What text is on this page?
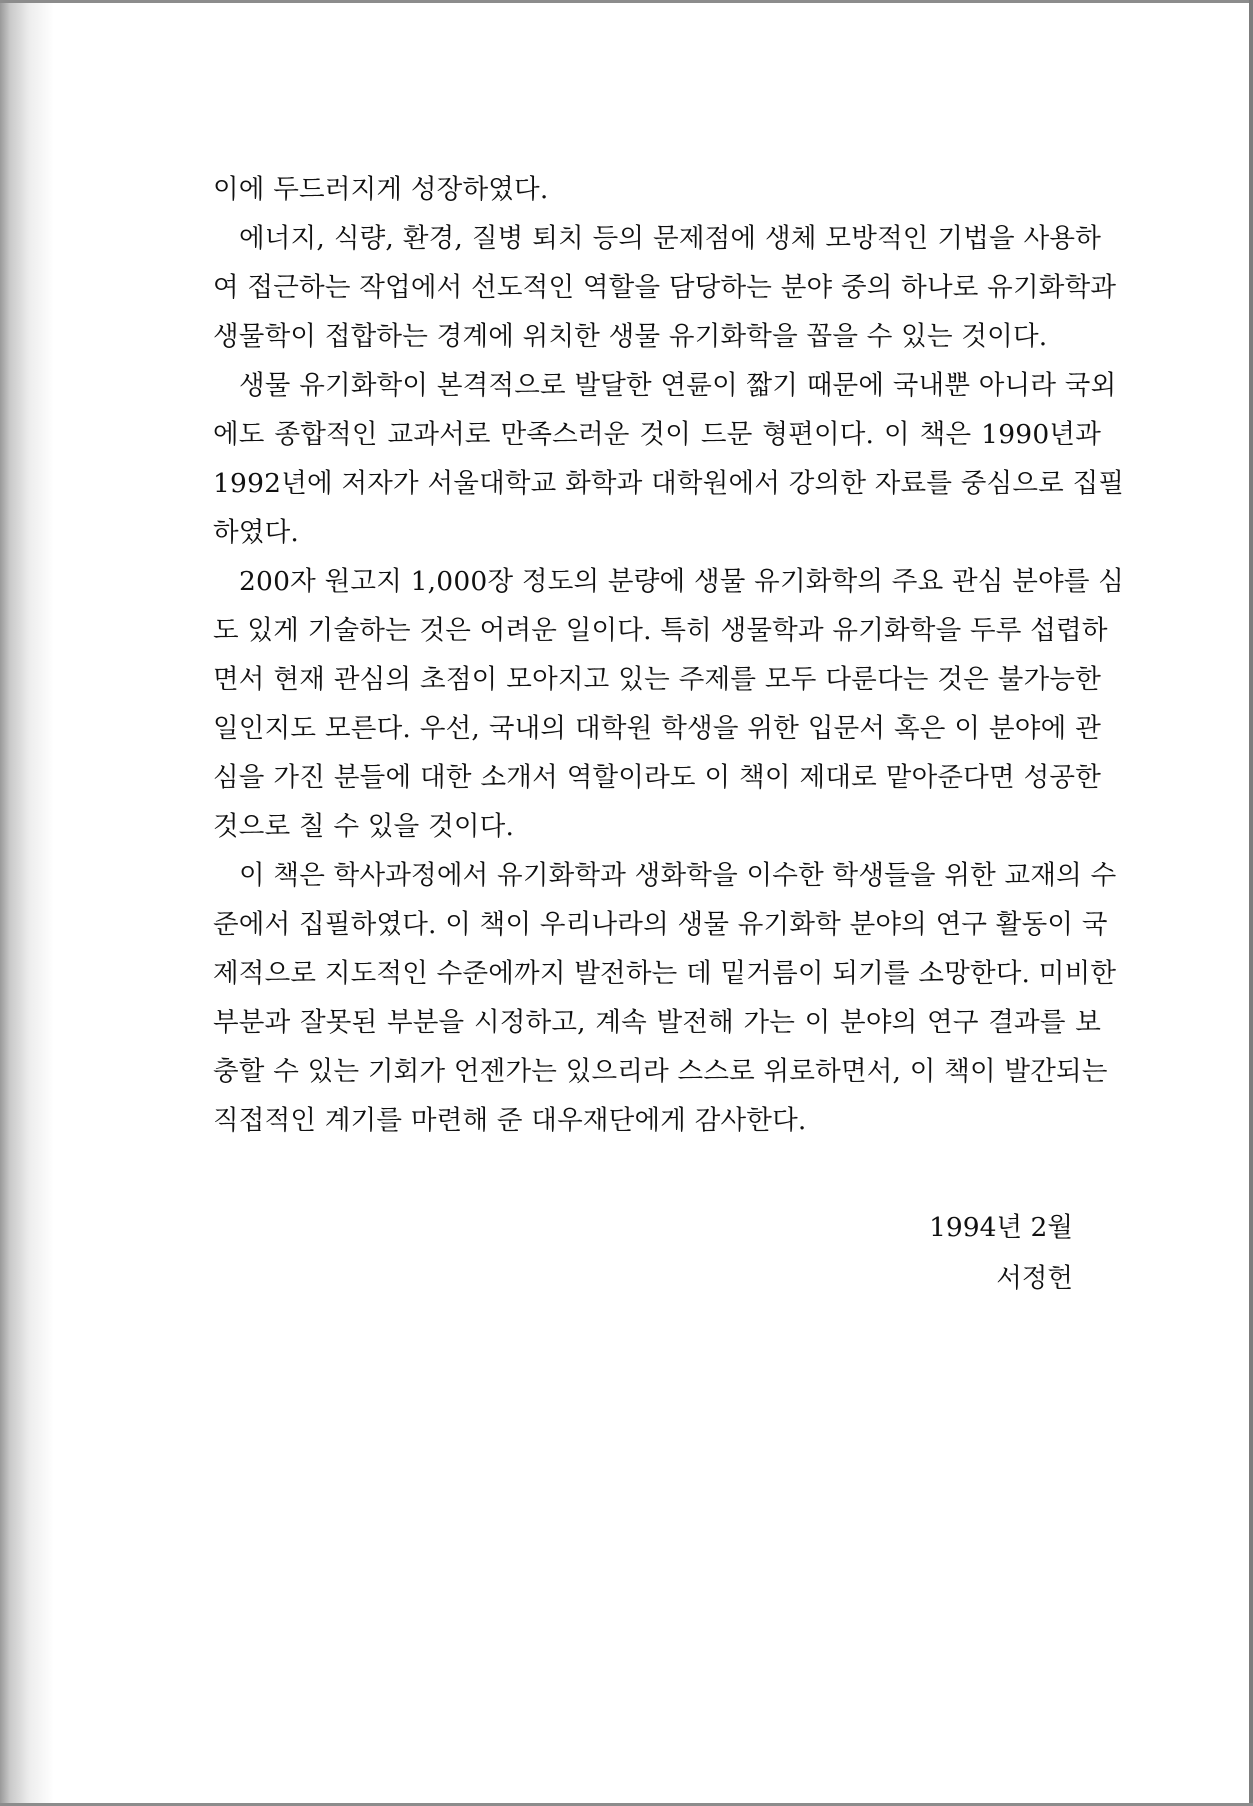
이에 두드러지게 성장하였다.
에너지, 식량, 환경, 질병 퇴치 등의 문제점에 생체 모방적인 기법을 사용하
여 접근하는 작업에서 선도적인 역할을 담당하는 분야 중의 하나로 유기화학과
생물학이 접합하는 경계에 위치한 생물 유기화학을 꼽을 수 있는 것이다.
생물 유기화학이 본격적으로 발달한 연륜이 짧기 때문에 국내뿐 아니라 국외
에도 종합적인 교과서로 만족스러운 것이 드문 형편이다. 이 책은 1990년과
1992년에 저자가 서울대학교 화학과 대학원에서 강의한 자료를 중심으로 집필
하였다.
200자 원고지 1,000장 정도의 분량에 생물 유기화학의 주요 관심 분야를 심
도 있게 기술하는 것은 어려운 일이다. 특히 생물학과 유기화학을 두루 섭렵하
면서 현재 관심의 초점이 모아지고 있는 주제를 모두 다룬다는 것은 불가능한
일인지도 모른다. 우선, 국내의 대학원 학생을 위한 입문서 혹은 이 분야에 관
심을 가진 분들에 대한 소개서 역할이라도 이 책이 제대로 맡아준다면 성공한
것으로 칠 수 있을 것이다.
이 책은 학사과정에서 유기화학과 생화학을 이수한 학생들을 위한 교재의 수
준에서 집필하였다. 이 책이 우리나라의 생물 유기화학 분야의 연구 활동이 국
제적으로 지도적인 수준에까지 발전하는 데 밑거름이 되기를 소망한다. 미비한
부분과 잘못된 부분을 시정하고, 계속 발전해 가는 이 분야의 연구 결과를 보
충할 수 있는 기회가 언젠가는 있으리라 스스로 위로하면서, 이 책이 발간되는
직접적인 계기를 마련해 준 대우재단에게 감사한다.
1994년 2월
서정헌
